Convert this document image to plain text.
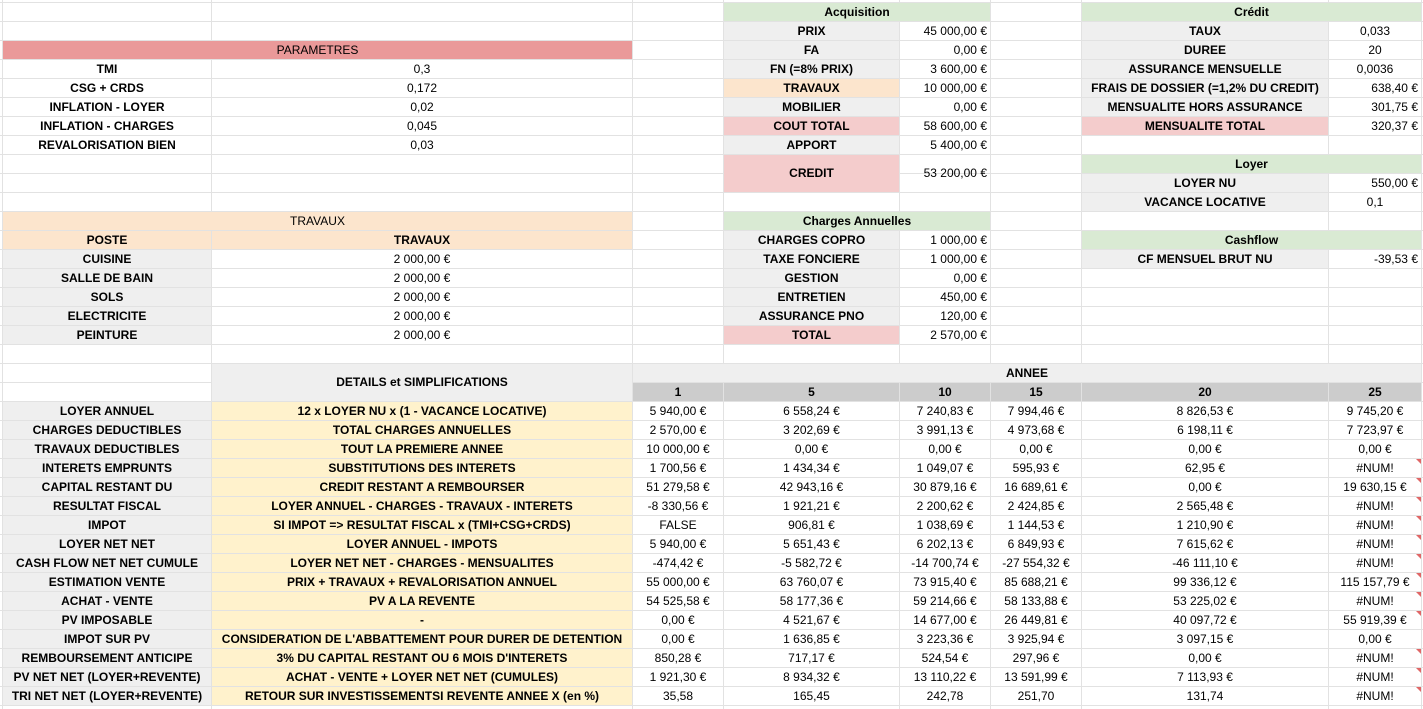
PARAMETRES
TMI	0,3
CSG + CRDS	0,172
INFLATION - LOYER	0,02
INFLATION - CHARGES	0,045
REVALORISATION BIEN	0,03
TRAVAUX
POSTE	TRAVAUX
CUISINE	2 000,00 €
SALLE DE BAIN	2 000,00 €
SOLS	2 000,00 €
ELECTRICITE	2 000,00 €
PEINTURE	2 000,00 €
Acquisition
PRIX	45 000,00 €
FA	0,00 €
FN (=8% PRIX)	3 600,00 €
TRAVAUX	10 000,00 €
MOBILIER	0,00 €
COUT TOTAL	58 600,00 €
APPORT	5 400,00 €
CREDIT	53 200,00 €
Charges Annuelles
CHARGES COPRO	1 000,00 €
TAXE FONCIERE	1 000,00 €
GESTION	0,00 €
ENTRETIEN	450,00 €
ASSURANCE PNO	120,00 €
TOTAL	2 570,00 €
Crédit
TAUX	0,033
DUREE	20
ASSURANCE MENSUELLE	0,0036
FRAIS DE DOSSIER (=1,2% DU CREDIT)	638,40 €
MENSUALITE HORS ASSURANCE	301,75 €
MENSUALITE TOTAL	320,37 €
Loyer
LOYER NU	550,00 €
VACANCE LOCATIVE	0,1
Cashflow
CF MENSUEL BRUT NU	-39,53 €
DETAILS et SIMPLIFICATIONS
ANNEE
1	5	10	15	20	25
LOYER ANNUEL	12 x LOYER NU x (1 - VACANCE LOCATIVE)	5 940,00 €	6 558,24 €	7 240,83 €	7 994,46 €	8 826,53 €	9 745,20 €
CHARGES DEDUCTIBLES	TOTAL CHARGES ANNUELLES	2 570,00 €	3 202,69 €	3 991,13 €	4 973,68 €	6 198,11 €	7 723,97 €
TRAVAUX DEDUCTIBLES	TOUT LA PREMIERE ANNEE	10 000,00 €	0,00 €	0,00 €	0,00 €	0,00 €	0,00 €
INTERETS EMPRUNTS	SUBSTITUTIONS DES INTERETS	1 700,56 €	1 434,34 €	1 049,07 €	595,93 €	62,95 €	#NUM!
CAPITAL RESTANT DU	CREDIT RESTANT A REMBOURSER	51 279,58 €	42 943,16 €	30 879,16 €	16 689,61 €	0,00 €	19 630,15 €
RESULTAT FISCAL	LOYER ANNUEL - CHARGES - TRAVAUX - INTERETS	-8 330,56 €	1 921,21 €	2 200,62 €	2 424,85 €	2 565,48 €	#NUM!
IMPOT	SI IMPOT => RESULTAT FISCAL x (TMI+CSG+CRDS)	FALSE	906,81 €	1 038,69 €	1 144,53 €	1 210,90 €	#NUM!
LOYER NET NET	LOYER ANNUEL - IMPOTS	5 940,00 €	5 651,43 €	6 202,13 €	6 849,93 €	7 615,62 €	#NUM!
CASH FLOW NET NET CUMULE	LOYER NET NET - CHARGES - MENSUALITES	-474,42 €	-5 582,72 €	-14 700,74 €	-27 554,32 €	-46 111,10 €	#NUM!
ESTIMATION VENTE	PRIX + TRAVAUX + REVALORISATION ANNUEL	55 000,00 €	63 760,07 €	73 915,40 €	85 688,21 €	99 336,12 €	115 157,79 €
ACHAT - VENTE	PV A LA REVENTE	54 525,58 €	58 177,36 €	59 214,66 €	58 133,88 €	53 225,02 €	#NUM!
PV IMPOSABLE	-	0,00 €	4 521,67 €	14 677,00 €	26 449,81 €	40 097,72 €	55 919,39 €
IMPOT SUR PV	CONSIDERATION DE L'ABBATTEMENT POUR DURER DE DETENTION	0,00 €	1 636,85 €	3 223,36 €	3 925,94 €	3 097,15 €	0,00 €
REMBOURSEMENT ANTICIPE	3% DU CAPITAL RESTANT OU 6 MOIS D'INTERETS	850,28 €	717,17 €	524,54 €	297,96 €	0,00 €	#NUM!
PV NET NET (LOYER+REVENTE)	ACHAT - VENTE + LOYER NET NET (CUMULES)	1 921,30 €	8 934,32 €	13 110,22 €	13 591,99 €	7 113,93 €	#NUM!
TRI NET NET (LOYER+REVENTE)	RETOUR SUR INVESTISSEMENTSI REVENTE ANNEE X (en %)	35,58	165,45	242,78	251,70	131,74	#NUM!
